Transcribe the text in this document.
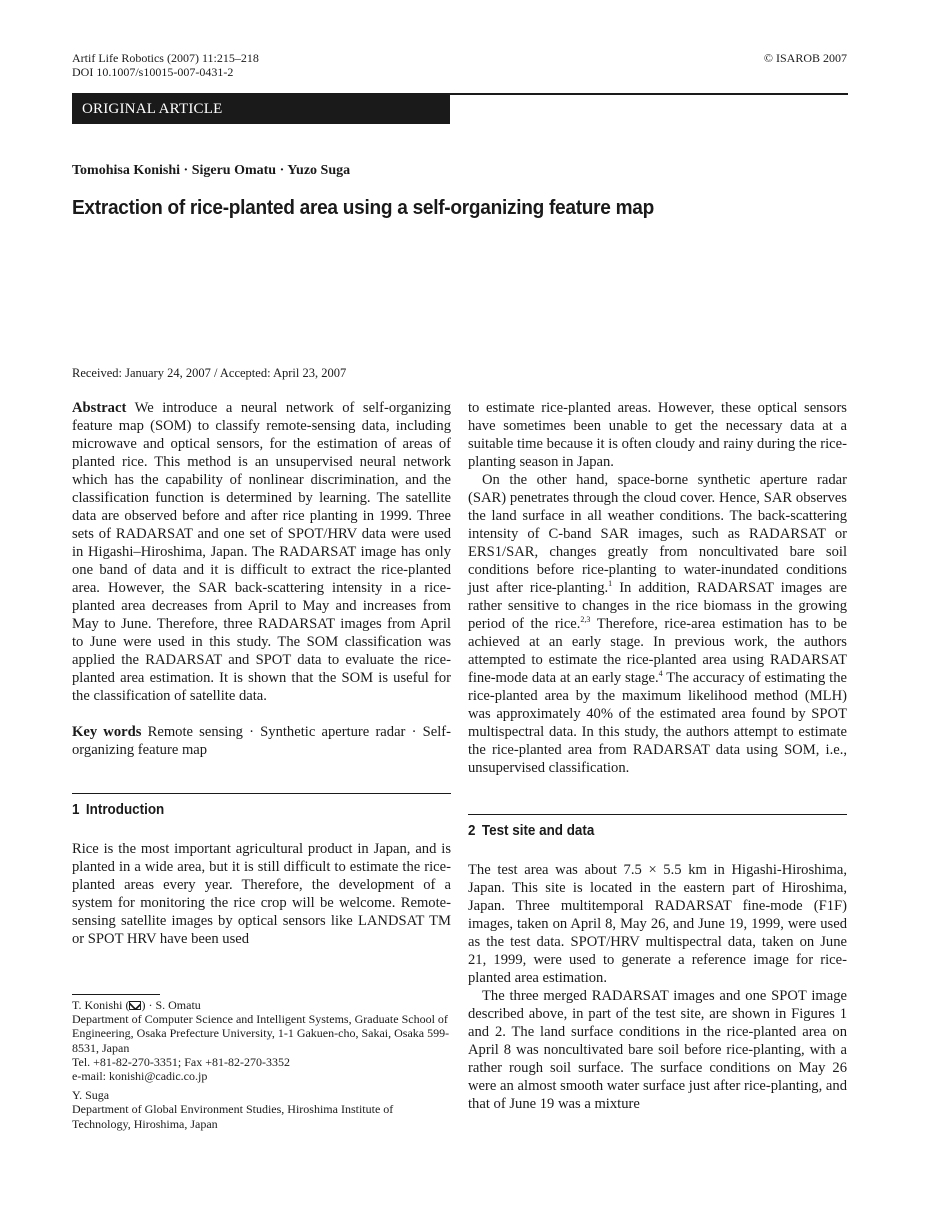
Artif Life Robotics (2007) 11:215–218
DOI 10.1007/s10015-007-0431-2
© ISAROB 2007
ORIGINAL ARTICLE
Tomohisa Konishi · Sigeru Omatu · Yuzo Suga
Extraction of rice-planted area using a self-organizing feature map
Received: January 24, 2007 / Accepted: April 23, 2007

Abstract We introduce a neural network of self-organizing feature map (SOM) to classify remote-sensing data, including microwave and optical sensors, for the estimation of areas of planted rice. This method is an unsupervised neural network which has the capability of nonlinear discrimination, and the classification function is determined by learning. The satellite data are observed before and after rice planting in 1999. Three sets of RADARSAT and one set of SPOT/HRV data were used in Higashi–Hiroshima, Japan. The RADARSAT image has only one band of data and it is difficult to extract the rice-planted area. However, the SAR back-scattering intensity in a rice-planted area decreases from April to May and increases from May to June. Therefore, three RADARSAT images from April to June were used in this study. The SOM classification was applied the RADARSAT and SPOT data to evaluate the rice-planted area estimation. It is shown that the SOM is useful for the classification of satellite data.

Key words Remote sensing · Synthetic aperture radar · Self-organizing feature map

1 Introduction

Rice is the most important agricultural product in Japan, and is planted in a wide area, but it is still difficult to estimate the rice-planted areas every year. Therefore, the development of a system for monitoring the rice crop will be welcome. Remote-sensing satellite images by optical sensors like LANDSAT TM or SPOT HRV have been used

T. Konishi ( ) · S. Omatu

Department of Computer Science and Intelligent Systems, Graduate School of Engineering, Osaka Prefecture University, 1-1 Gakuen-cho, Sakai, Osaka 599-8531, Japan

Tel. +81-82-270-3351; Fax +81-82-270-3352

e-mail: konishi@cadic.co.jp

Y. Suga

Department of Global Environment Studies, Hiroshima Institute of Technology, Hiroshima, Japan

to estimate rice-planted areas. However, these optical sensors have sometimes been unable to get the necessary data at a suitable time because it is often cloudy and rainy during the rice-planting season in Japan.

On the other hand, space-borne synthetic aperture radar (SAR) penetrates through the cloud cover. Hence, SAR observes the land surface in all weather conditions. The back-scattering intensity of C-band SAR images, such as RADARSAT or ERS1/SAR, changes greatly from noncultivated bare soil conditions before rice-planting to water-inundated conditions just after rice-planting.$^1$ In addition, RADARSAT images are rather sensitive to changes in the rice biomass in the growing period of the rice.$^{2,3}$ Therefore, rice-area estimation has to be achieved at an early stage. In previous work, the authors attempted to estimate the rice-planted area using RADARSAT fine-mode data at an early stage.$^4$ The accuracy of estimating the rice-planted area by the maximum likelihood method (MLH) was approximately 40% of the estimated area found by SPOT multispectral data. In this study, the authors attempt to estimate the rice-planted area from RADARSAT data using SOM, i.e., unsupervised classification.

2 Test site and data

The test area was about 7.5 × 5.5 km in Higashi-Hiroshima, Japan. This site is located in the eastern part of Hiroshima, Japan. Three multitemporal RADARSAT fine-mode (F1F) images, taken on April 8, May 26, and June 19, 1999, were used as the test data. SPOT/HRV multispectral data, taken on June 21, 1999, were used to generate a reference image for rice-planted area estimation.

The three merged RADARSAT images and one SPOT image described above, in part of the test site, are shown in Figures 1 and 2. The land surface conditions in the rice-planted area on April 8 was noncultivated bare soil before rice-planting, with a rather rough soil surface. The surface conditions on May 26 were an almost smooth water surface just after rice-planting, and that of June 19 was a mixture
